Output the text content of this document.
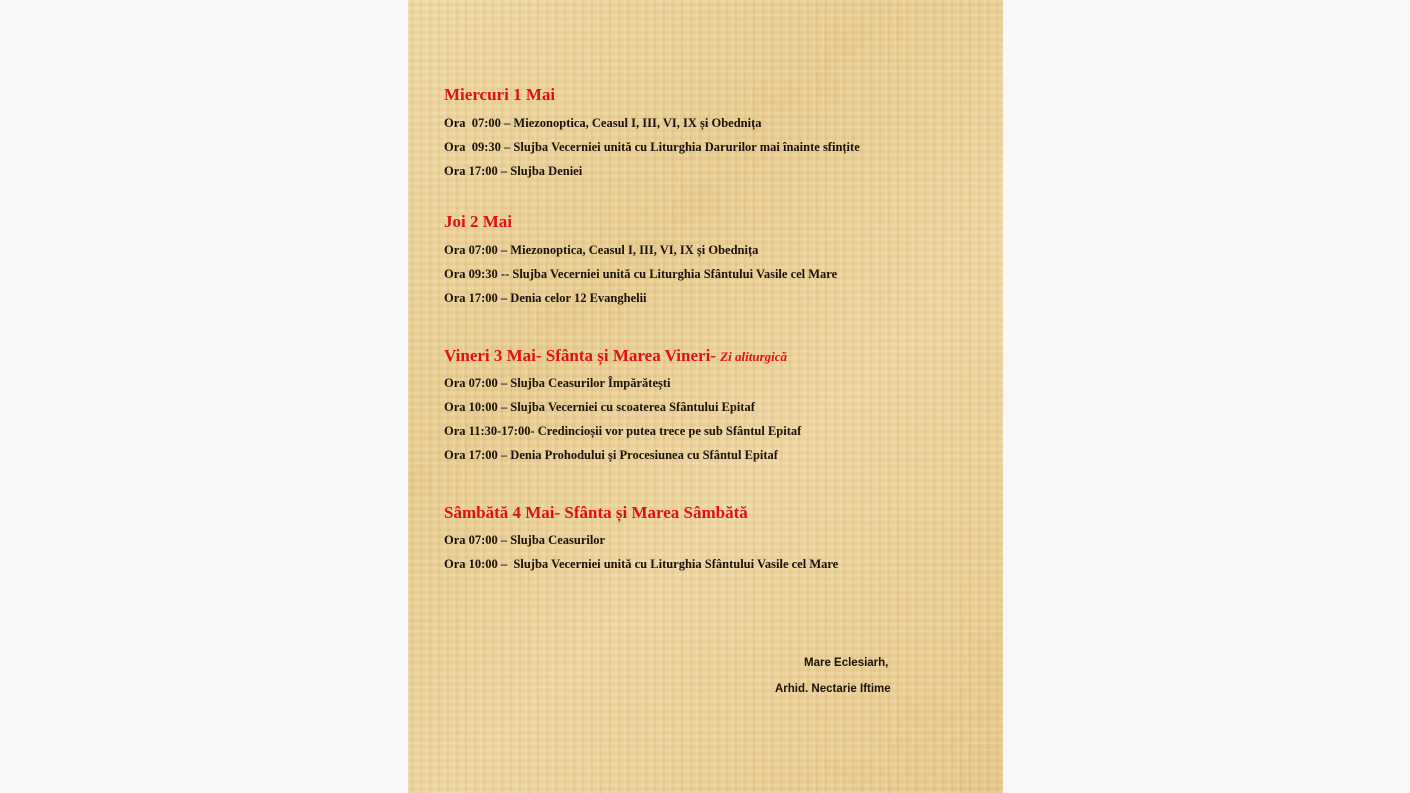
Miercuri 1 Mai

Ora  07:00 – Miezonoptica, Ceasul I, III, VI, IX și Obednița

Ora  09:30 – Slujba Vecerniei unită cu Liturghia Darurilor mai înainte sfințite

Ora 17:00 – Slujba Deniei

Joi 2 Mai

Ora 07:00 – Miezonoptica, Ceasul I, III, VI, IX și Obednița

Ora 09:30 -- Slujba Vecerniei unită cu Liturghia Sfântului Vasile cel Mare

Ora 17:00 – Denia celor 12 Evanghelii

Vineri 3 Mai- Sfânta și Marea Vineri- Zi aliturgică

Ora 07:00 – Slujba Ceasurilor Împărătești

Ora 10:00 – Slujba Vecerniei cu scoaterea Sfântului Epitaf

Ora 11:30-17:00- Credincioșii vor putea trece pe sub Sfântul Epitaf

Ora 17:00 – Denia Prohodului și Procesiunea cu Sfântul Epitaf

Sâmbătă 4 Mai- Sfânta și Marea Sâmbătă

Ora 07:00 – Slujba Ceasurilor

Ora 10:00 –  Slujba Vecerniei unită cu Liturghia Sfântului Vasile cel Mare

Mare Eclesiarh,

Arhid. Nectarie Iftime
